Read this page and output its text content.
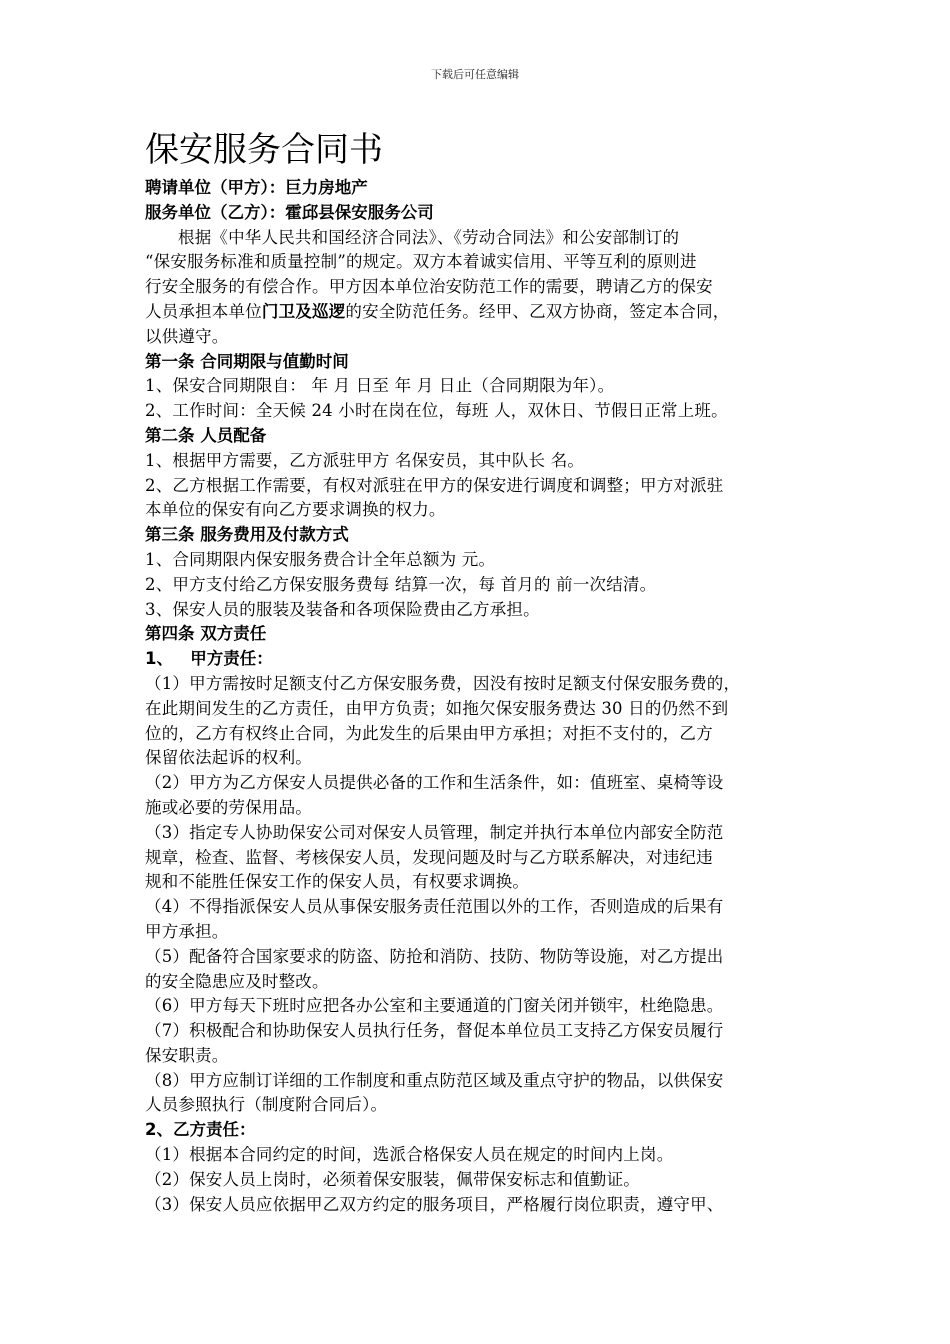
下载后可任意编辑
保安服务合同书
聘请单位（甲方）：巨力房地产
服务单位（乙方）：霍邱县保安服务公司
根据《中华人民共和国经济合同法》、《劳动合同法》和公安部制订的
“保安服务标准和质量控制”的规定。双方本着诚实信用、平等互利的原则进
行安全服务的有偿合作。甲方因本单位治安防范工作的需要，聘请乙方的保安
人员承担本单位门卫及巡逻的安全防范任务。经甲、乙双方协商，签定本合同，
以供遵守。
第一条 合同期限与值勤时间
1、保安合同期限自： 年 月 日至 年 月 日止（合同期限为年）。
2、工作时间：全天候 24 小时在岗在位，每班 人，双休日、节假日正常上班。
第二条 人员配备
1、根据甲方需要，乙方派驻甲方 名保安员，其中队长 名。
2、乙方根据工作需要，有权对派驻在甲方的保安进行调度和调整；甲方对派驻
本单位的保安有向乙方要求调换的权力。
第三条 服务费用及付款方式
1、合同期限内保安服务费合计全年总额为 元。
2、甲方支付给乙方保安服务费每 结算一次，每 首月的 前一次结清。
3、保安人员的服装及装备和各项保险费由乙方承担。
第四条 双方责任
1、   甲方责任：
（1）甲方需按时足额支付乙方保安服务费，因没有按时足额支付保安服务费的，
在此期间发生的乙方责任，由甲方负责；如拖欠保安服务费达 30 日的仍然不到
位的，乙方有权终止合同，为此发生的后果由甲方承担；对拒不支付的，乙方
保留依法起诉的权利。
（2）甲方为乙方保安人员提供必备的工作和生活条件，如：值班室、桌椅等设
施或必要的劳保用品。
（3）指定专人协助保安公司对保安人员管理，制定并执行本单位内部安全防范
规章，检查、监督、考核保安人员，发现问题及时与乙方联系解决，对违纪违
规和不能胜任保安工作的保安人员，有权要求调换。
（4）不得指派保安人员从事保安服务责任范围以外的工作，否则造成的后果有
甲方承担。
（5）配备符合国家要求的防盗、防抢和消防、技防、物防等设施，对乙方提出
的安全隐患应及时整改。
（6）甲方每天下班时应把各办公室和主要通道的门窗关闭并锁牢，杜绝隐患。
（7）积极配合和协助保安人员执行任务，督促本单位员工支持乙方保安员履行
保安职责。
（8）甲方应制订详细的工作制度和重点防范区域及重点守护的物品，以供保安
人员参照执行（制度附合同后）。
2、乙方责任：
（1）根据本合同约定的时间，选派合格保安人员在规定的时间内上岗。
（2）保安人员上岗时，必须着保安服装，佩带保安标志和值勤证。
（3）保安人员应依据甲乙双方约定的服务项目，严格履行岗位职责，遵守甲、
